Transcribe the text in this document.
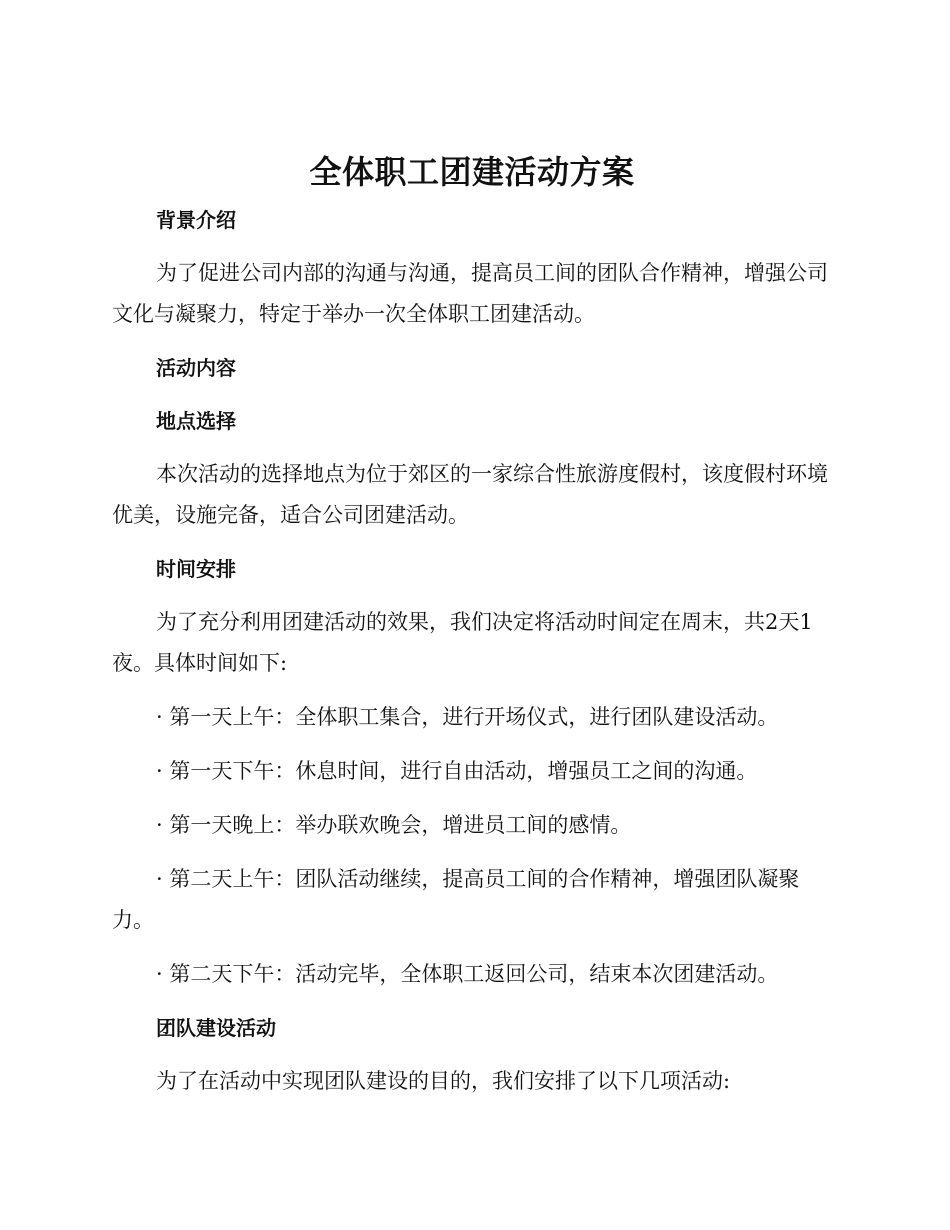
全体职工团建活动方案
背景介绍

为了促进公司内部的沟通与沟通，提高员工间的团队合作精神，增强公司文化与凝聚力，特定于举办一次全体职工团建活动。

活动内容
地点选择

本次活动的选择地点为位于郊区的一家综合性旅游度假村，该度假村环境优美，设施完备，适合公司团建活动。

时间安排

为了充分利用团建活动的效果，我们决定将活动时间定在周末，共2天1夜。具体时间如下:

· 第一天上午：全体职工集合，进行开场仪式，进行团队建设活动。

· 第一天下午：休息时间，进行自由活动，增强员工之间的沟通。

· 第一天晚上：举办联欢晚会，增进员工间的感情。

· 第二天上午：团队活动继续，提高员工间的合作精神，增强团队凝聚力。

· 第二天下午：活动完毕，全体职工返回公司，结束本次团建活动。

团队建设活动

为了在活动中实现团队建设的目的，我们安排了以下几项活动:
